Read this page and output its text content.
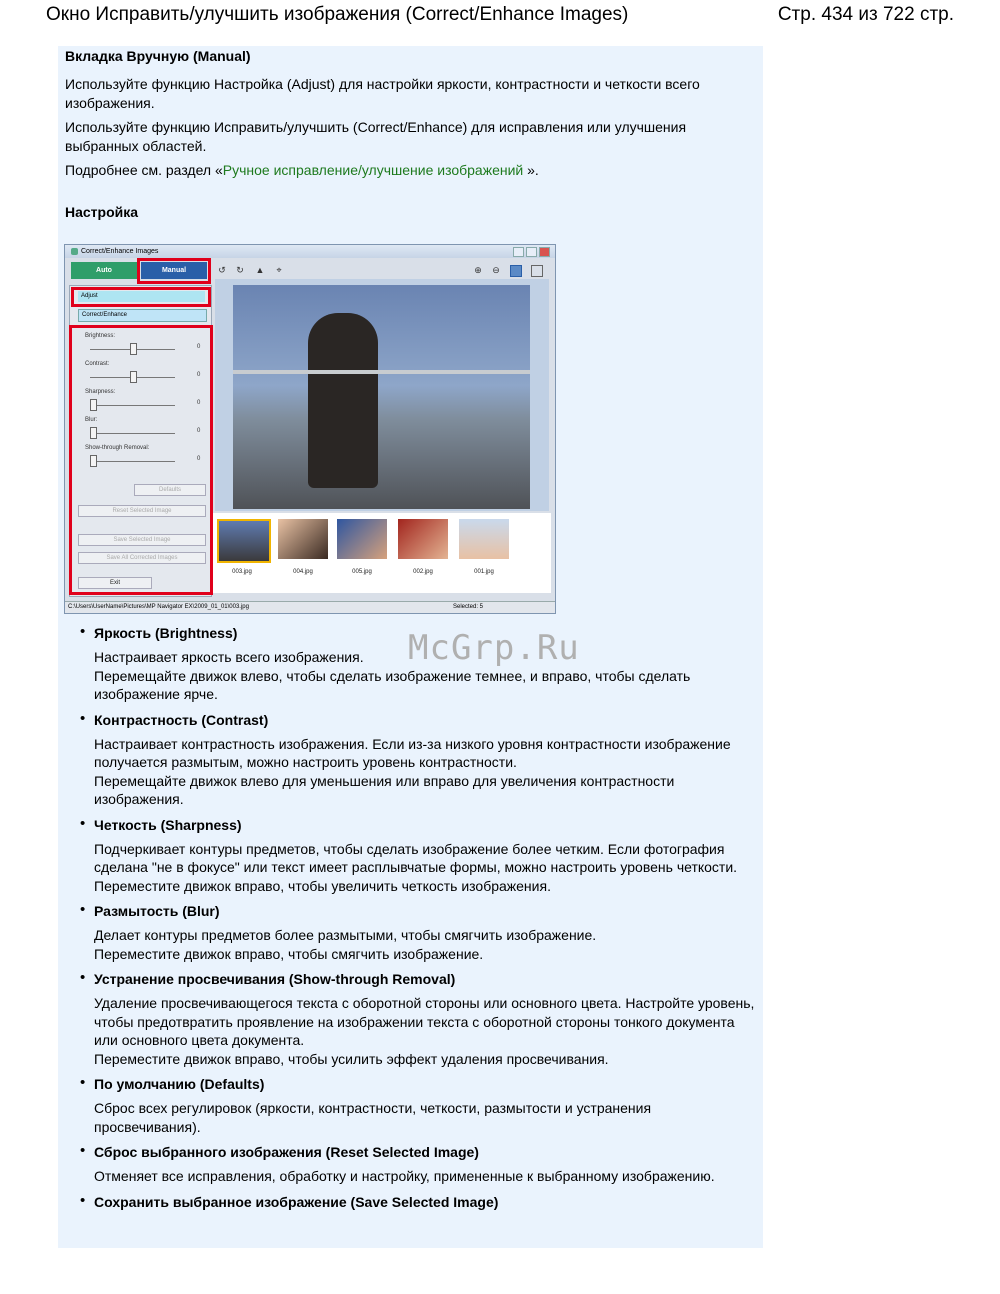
Окно Исправить/улучшить изображения (Correct/Enhance Images)	Стр. 434 из 722 стр.
Вкладка Вручную (Manual)

Используйте функцию Настройка (Adjust) для настройки яркости, контрастности и четкости всего изображения.

Используйте функцию Исправить/улучшить (Correct/Enhance) для исправления или улучшения выбранных областей.

Подробнее см. раздел «Ручное исправление/улучшение изображений ».

Настройка
Correct/Enhance Images
Auto	Manual	↺ ↻ ▲ ⌖	⊕ ⊖
Adjust
Correct/Enhance
Brightness:
0
Contrast:
0
Sharpness:
0
Blur:
0
Show-through Removal:
0
Defaults
Reset Selected Image
Save Selected Image
Save All Corrected Images
Exit
003.jpg	004.jpg	005.jpg	002.jpg	001.jpg
C:\Users\UserName\Pictures\MP Navigator EX\2009_01_01\003.jpg	Selected: 5
• Яркость (Brightness)

Настраивает яркость всего изображения.

Перемещайте движок влево, чтобы сделать изображение темнее, и вправо, чтобы сделать изображение ярче.

• Контрастность (Contrast)

Настраивает контрастность изображения. Если из-за низкого уровня контрастности изображение получается размытым, можно настроить уровень контрастности.

Перемещайте движок влево для уменьшения или вправо для увеличения контрастности изображения.

• Четкость (Sharpness)

Подчеркивает контуры предметов, чтобы сделать изображение более четким. Если фотография сделана "не в фокусе" или текст имеет расплывчатые формы, можно настроить уровень четкости.

Переместите движок вправо, чтобы увеличить четкость изображения.

• Размытость (Blur)

Делает контуры предметов более размытыми, чтобы смягчить изображение.

Переместите движок вправо, чтобы смягчить изображение.

• Устранение просвечивания (Show-through Removal)

Удаление просвечивающегося текста с оборотной стороны или основного цвета. Настройте уровень, чтобы предотвратить проявление на изображении текста с оборотной стороны тонкого документа или основного цвета документа.

Переместите движок вправо, чтобы усилить эффект удаления просвечивания.

• По умолчанию (Defaults)

Сброс всех регулировок (яркости, контрастности, четкости, размытости и устранения просвечивания).

• Сброс выбранного изображения (Reset Selected Image)

Отменяет все исправления, обработку и настройку, примененные к выбранному изображению.

• Сохранить выбранное изображение (Save Selected Image)
McGrp.Ru
